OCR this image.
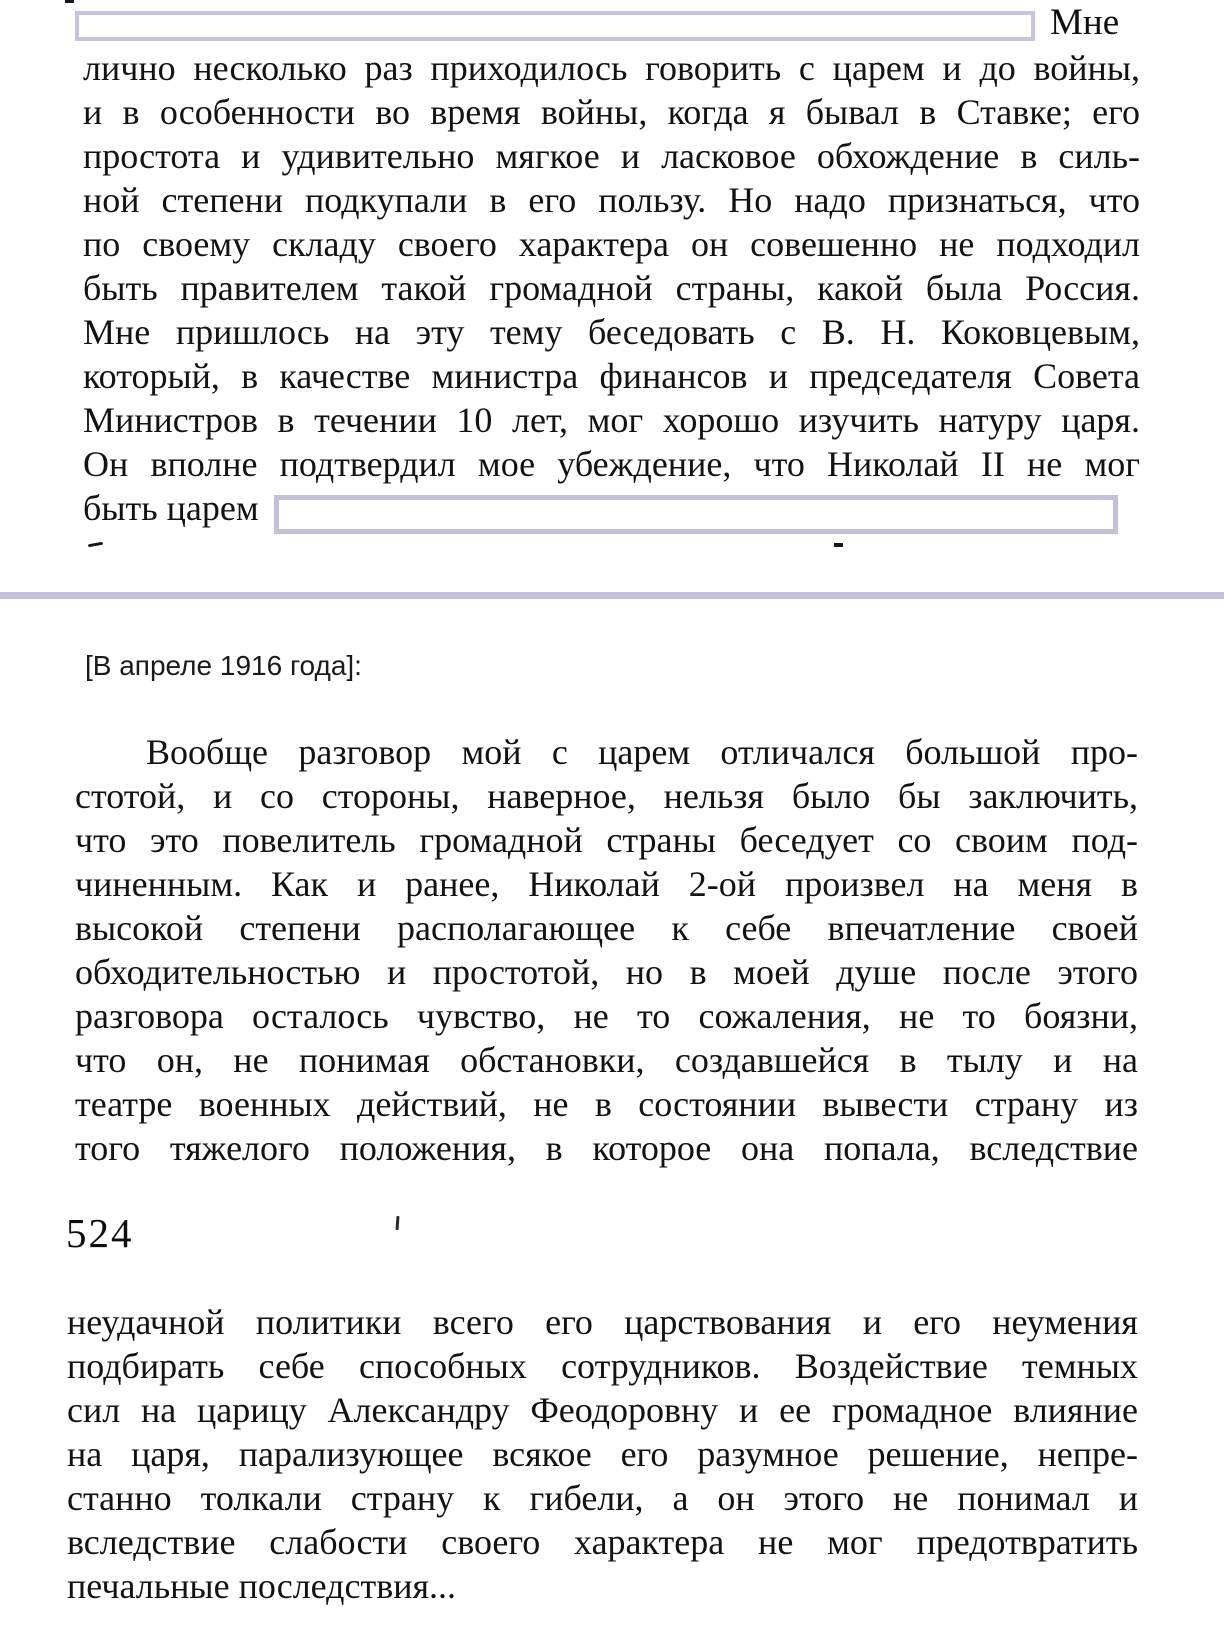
Мне
лично несколько раз приходилось говорить с царем и до войны,
и в особенности во время войны, когда я бывал в Ставке; его
простота и удивительно мягкое и ласковое обхождение в силь-
ной степени подкупали в его пользу. Но надо признаться, что
по своему складу своего характера он совешенно не подходил
быть правителем такой громадной страны, какой была Россия.
Мне пришлось на эту тему беседовать с В. Н. Коковцевым,
который, в качестве министра финансов и председателя Совета
Министров в течении 10 лет, мог хорошо изучить натуру царя.
Он вполне подтвердил мое убеждение, что Николай II не мог
быть царем
[В апреле 1916 года]:
Вообще разговор мой с царем отличался большой про-
стотой, и со стороны, наверное, нельзя было бы заключить,
что это повелитель громадной страны беседует со своим под-
чиненным. Как и ранее, Николай 2-ой произвел на меня в
высокой степени располагающее к себе впечатление своей
обходительностью и простотой, но в моей душе после этого
разговора осталось чувство, не то сожаления, не то боязни,
что он, не понимая обстановки, создавшейся в тылу и на
театре военных действий, не в состоянии вывести страну из
того тяжелого положения, в которое она попала, вследствие
524
неудачной политики всего его царствования и его неумения
подбирать себе способных сотрудников. Воздействие темных
сил на царицу Александру Феодоровну и ее громадное влияние
на царя, парализующее всякое его разумное решение, непре-
станно толкали страну к гибели, а он этого не понимал и
вследствие слабости своего характера не мог предотвратить
печальные последствия...
